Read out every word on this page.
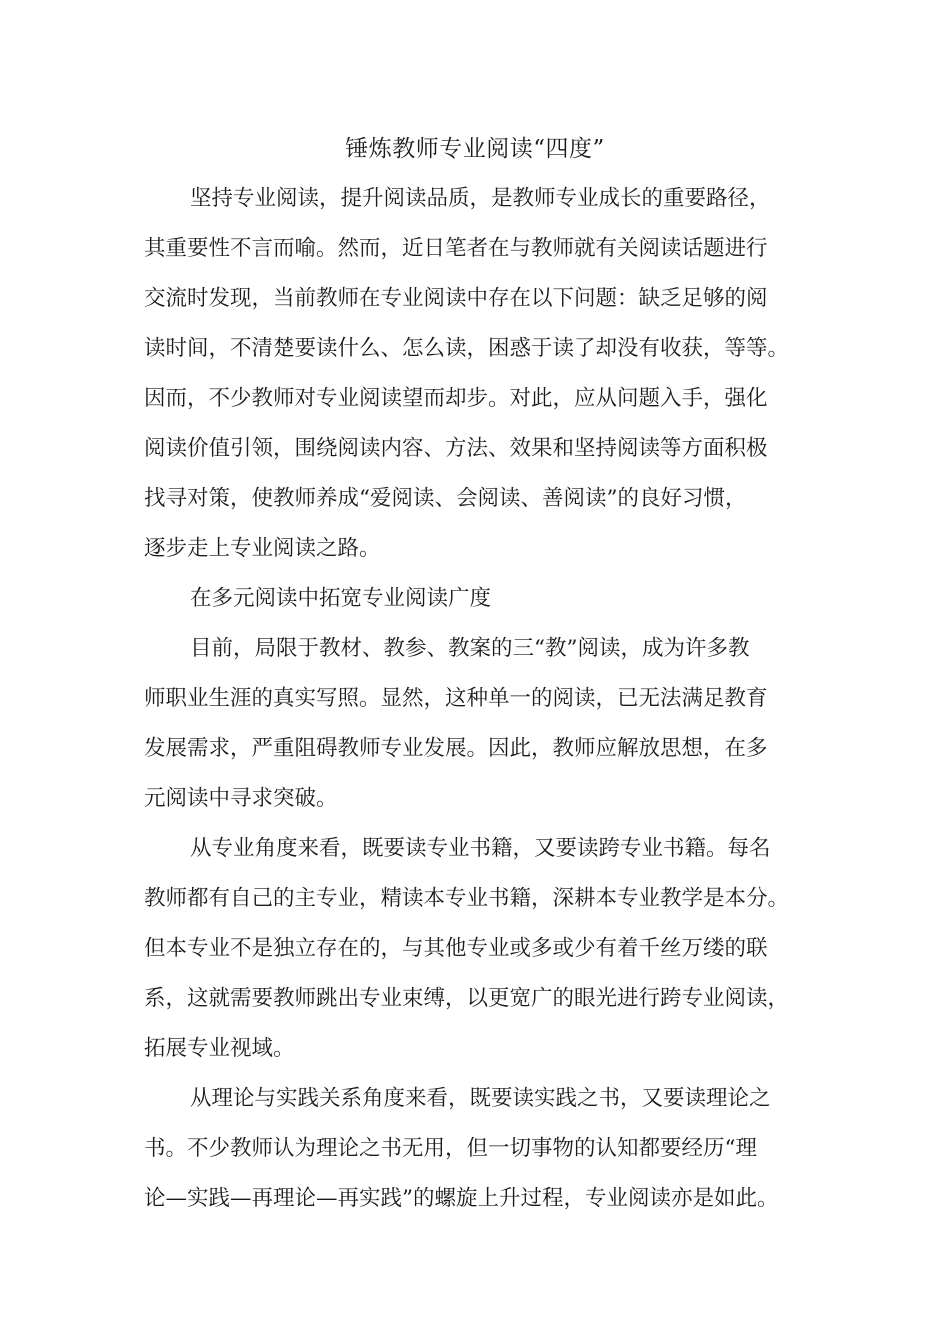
锤炼教师专业阅读“四度”
坚持专业阅读，提升阅读品质，是教师专业成长的重要路径，
其重要性不言而喻。然而，近日笔者在与教师就有关阅读话题进行
交流时发现，当前教师在专业阅读中存在以下问题：缺乏足够的阅
读时间，不清楚要读什么、怎么读，困惑于读了却没有收获，等等。
因而，不少教师对专业阅读望而却步。对此，应从问题入手，强化
阅读价值引领，围绕阅读内容、方法、效果和坚持阅读等方面积极
找寻对策，使教师养成“爱阅读、会阅读、善阅读”的良好习惯，
逐步走上专业阅读之路。
在多元阅读中拓宽专业阅读广度
目前，局限于教材、教参、教案的三“教”阅读，成为许多教
师职业生涯的真实写照。显然，这种单一的阅读，已无法满足教育
发展需求，严重阻碍教师专业发展。因此，教师应解放思想，在多
元阅读中寻求突破。
从专业角度来看，既要读专业书籍，又要读跨专业书籍。每名
教师都有自己的主专业，精读本专业书籍，深耕本专业教学是本分。
但本专业不是独立存在的，与其他专业或多或少有着千丝万缕的联
系，这就需要教师跳出专业束缚，以更宽广的眼光进行跨专业阅读，
拓展专业视域。
从理论与实践关系角度来看，既要读实践之书，又要读理论之
书。不少教师认为理论之书无用，但一切事物的认知都要经历“理
论—实践—再理论—再实践”的螺旋上升过程，专业阅读亦是如此。
